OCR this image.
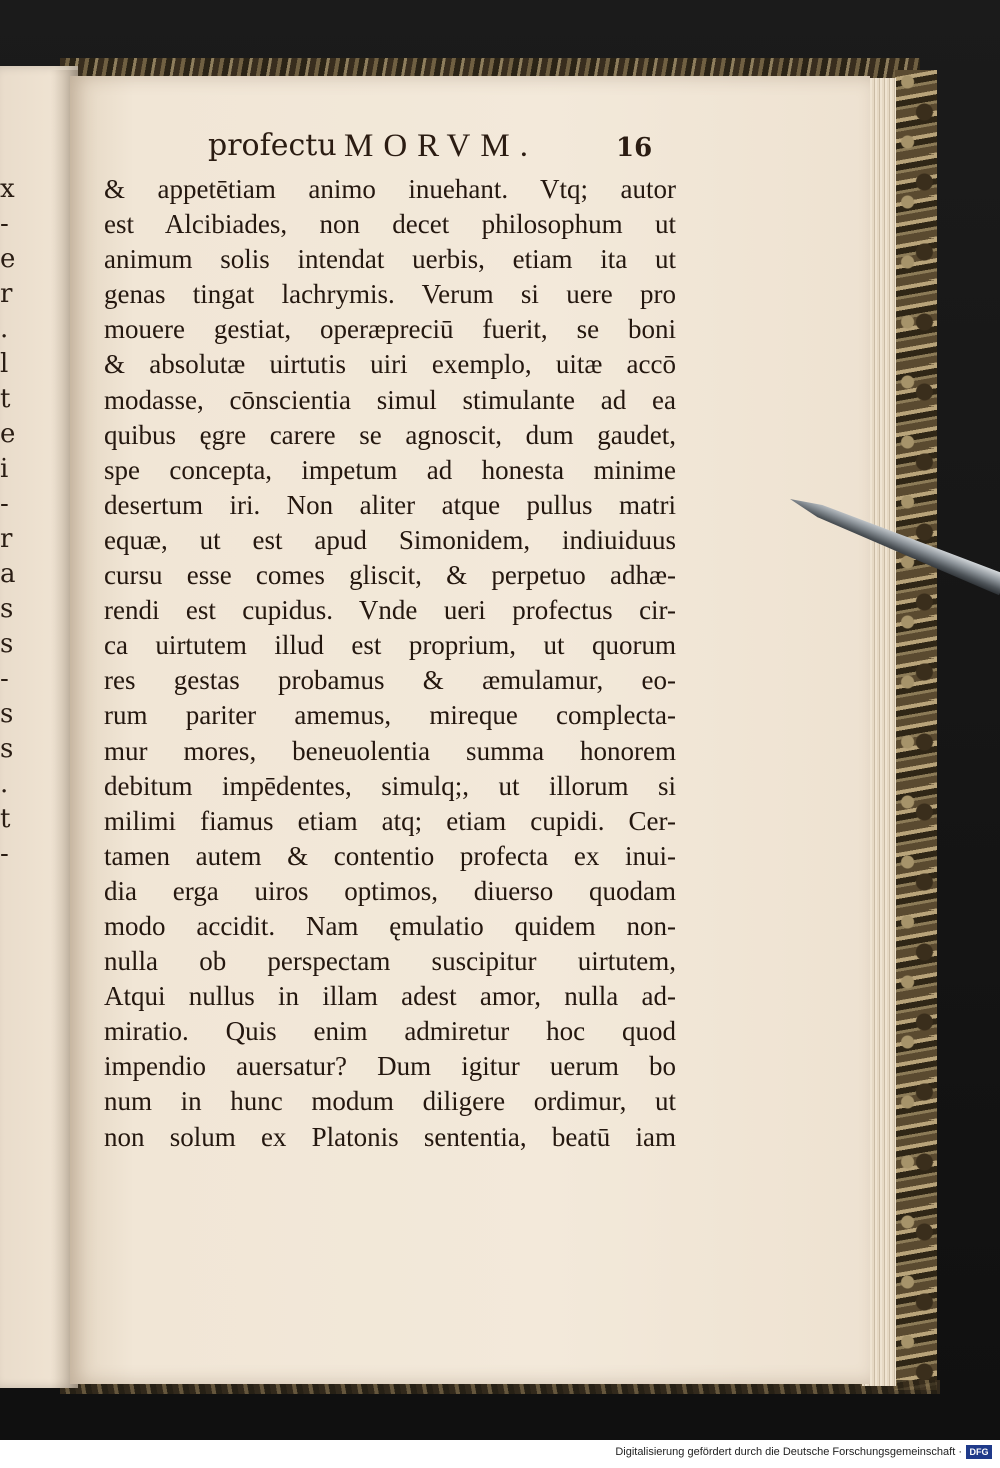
x
-
e
r
.
l
t
e
i
-
r
a
s
s
-
s
s
.
t
-
profectu MORVM.	16
& appetētiam animo inuehant. Vtq; autor
est Alcibiades, non decet philosophum ut
animum solis intendat uerbis, etiam ita ut
genas tingat lachrymis. Verum si uere pro
mouere gestiat, operæpreciū fuerit, se boni
& absolutæ uirtutis uiri exemplo, uitæ accō
modasse, cōnscientia simul stimulante ad ea
quibus ęgre carere se agnoscit, dum gaudet,
spe concepta, impetum ad honesta minime
desertum iri. Non aliter atque pullus matri
equæ, ut est apud Simonidem, indiuiduus
cursu esse comes gliscit, & perpetuo adhæ-
rendi est cupidus. Vnde ueri profectus cir-
ca uirtutem illud est proprium, ut quorum
res gestas probamus & æmulamur, eo-
rum pariter amemus, mireque complecta-
mur mores, beneuolentia summa honorem
debitum impēdentes, simulq;, ut illorum si
milimi fiamus etiam atq; etiam cupidi. Cer-
tamen autem & contentio profecta ex inui-
dia erga uiros optimos, diuerso quodam
modo accidit. Nam ęmulatio quidem non-
nulla ob perspectam suscipitur uirtutem,
Atqui nullus in illam adest amor, nulla ad-
miratio. Quis enim admiretur hoc quod
impendio auersatur? Dum igitur uerum bo
num in hunc modum diligere ordimur, ut
non solum ex Platonis sententia, beatū iam
Digitalisierung gefördert durch die Deutsche Forschungsgemeinschaft · DFG
